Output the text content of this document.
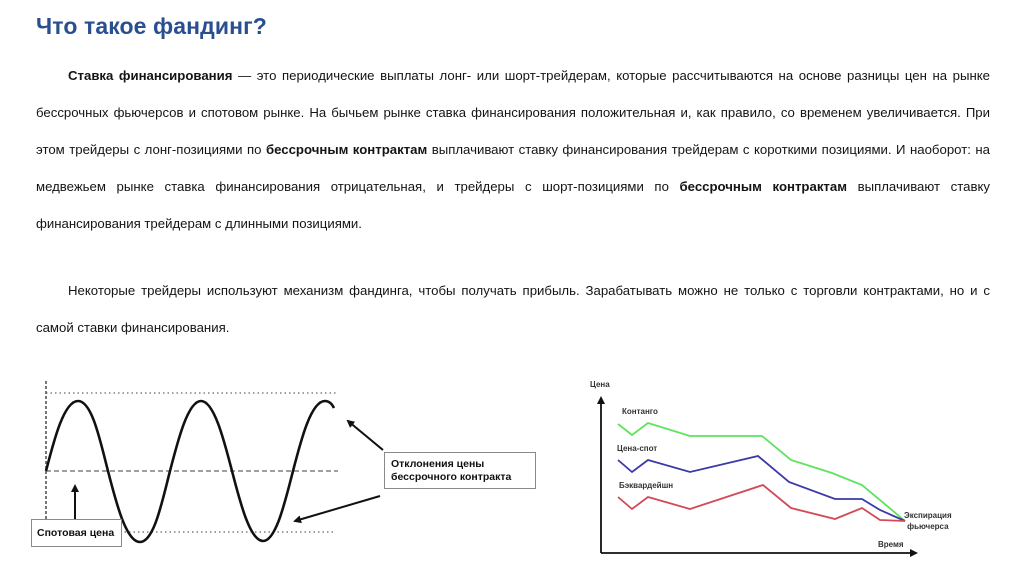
Что такое фандинг?
Ставка финансирования — это периодические выплаты лонг- или шорт-трейдерам, которые рассчитываются на основе разницы цен на рынке бессрочных фьючерсов и спотовом рынке. На бычьем рынке ставка финансирования положительная и, как правило, со временем увеличивается. При этом трейдеры с лонг-позициями по бессрочным контрактам выплачивают ставку финансирования трейдерам с короткими позициями. И наоборот: на медвежьем рынке ставка финансирования отрицательная, и трейдеры с шорт-позициями по бессрочным контрактам выплачивают ставку финансирования трейдерам с длинными позициями.
Некоторые трейдеры используют механизм фандинга, чтобы получать прибыль. Зарабатывать можно не только с торговли контрактами, но и с самой ставки финансирования.
Спотовая цена
Отклонения цены
бессрочного контракта
Цена
Контанго
Цена-спот
Бэквардейшн
Экспирация
фьючерса
Время
